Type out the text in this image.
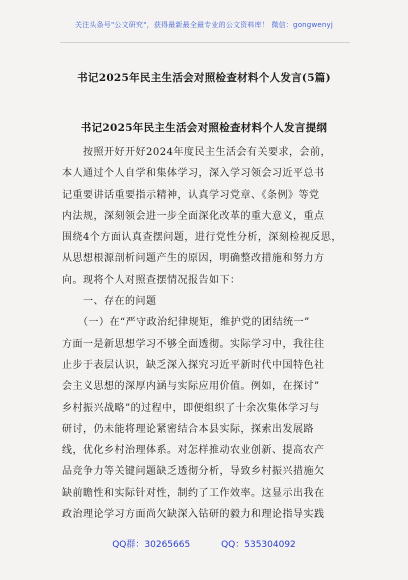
关注头条号"公文研究"，获得最新最全最专业的公文资料库！ 微信：gongwenyj
书记2025年民主生活会对照检查材料个人发言(5篇)
书记2025年民主生活会对照检查材料个人发言提纲
　　按照开好开好2024年度民主生活会有关要求，会前，
本人通过个人自学和集体学习，深入学习领会习近平总书
记重要讲话重要指示精神，认真学习党章、《条例》等党
内法规，深刻领会进一步全面深化改革的重大意义，重点
围绕4个方面认真查摆问题，进行党性分析，深刻检视反思，
从思想根源剖析问题产生的原因，明确整改措施和努力方
向。现将个人对照查摆情况报告如下：
　　一、存在的问题
　　（一）在“严守政治纪律规矩，维护党的团结统一”
方面一是新思想学习不够全面透彻。实际学习中，我往往
止步于表层认识，缺乏深入探究习近平新时代中国特色社
会主义思想的深厚内涵与实际应用价值。例如，在探讨”
乡村振兴战略”的过程中，即便组织了十余次集体学习与
研讨，仍未能将理论紧密结合本县实际，探索出发展路
线，优化乡村治理体系。对怎样推动农业创新、提高农产
品竞争力等关键问题缺乏透彻分析，导致乡村振兴措施欠
缺前瞻性和实际针对性，制约了工作效率。这显示出我在
政治理论学习方面尚欠缺深入钻研的毅力和理论指导实践
QQ群：30265665	QQ：535304092
